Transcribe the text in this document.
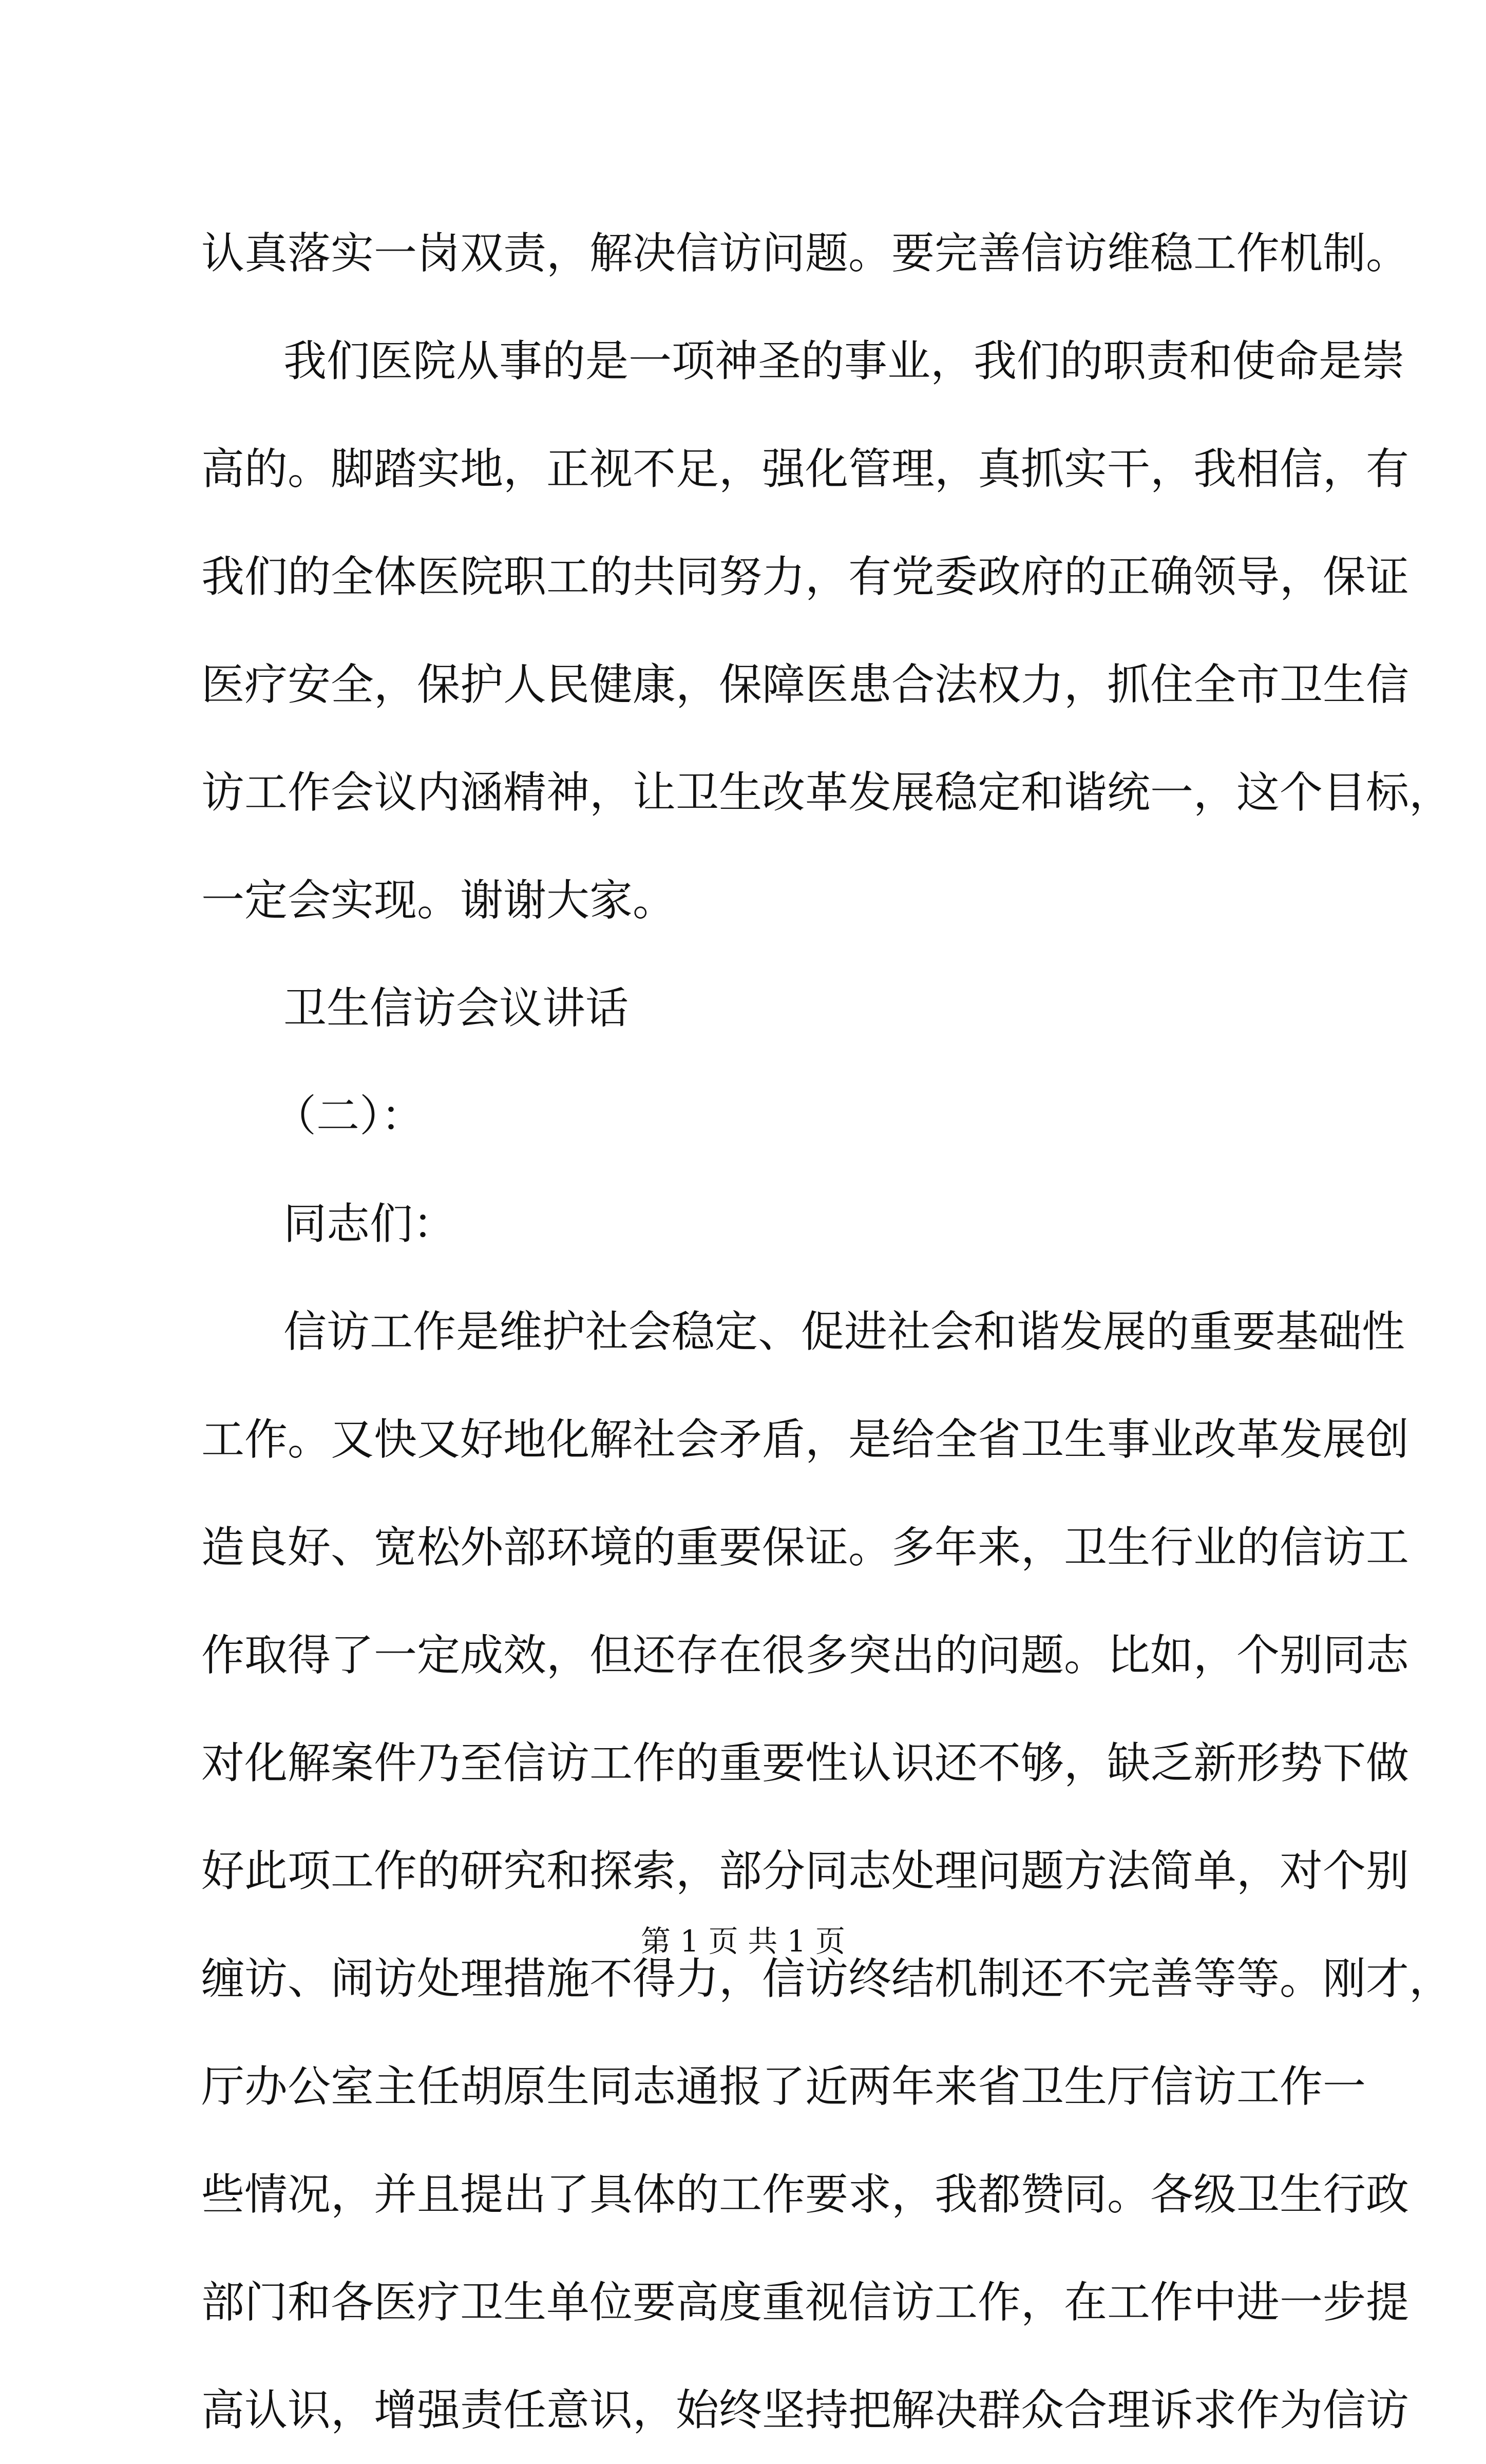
认真落实一岗双责，解决信访问题。要完善信访维稳工作机制。
我们医院从事的是一项神圣的事业，我们的职责和使命是崇
高的。脚踏实地，正视不足，强化管理，真抓实干，我相信，有
我们的全体医院职工的共同努力，有党委政府的正确领导，保证
医疗安全，保护人民健康，保障医患合法权力，抓住全市卫生信
访工作会议内涵精神，让卫生改革发展稳定和谐统一，这个目标，
一定会实现。谢谢大家。
卫生信访会议讲话
（二）：
同志们：
信访工作是维护社会稳定、促进社会和谐发展的重要基础性
工作。又快又好地化解社会矛盾，是给全省卫生事业改革发展创
造良好、宽松外部环境的重要保证。多年来，卫生行业的信访工
作取得了一定成效，但还存在很多突出的问题。比如，个别同志
对化解案件乃至信访工作的重要性认识还不够，缺乏新形势下做
好此项工作的研究和探索，部分同志处理问题方法简单，对个别
缠访、闹访处理措施不得力，信访终结机制还不完善等等。刚才，
厅办公室主任胡原生同志通报了近两年来省卫生厅信访工作一
些情况，并且提出了具体的工作要求，我都赞同。各级卫生行政
部门和各医疗卫生单位要高度重视信访工作，在工作中进一步提
高认识，增强责任意识，始终坚持把解决群众合理诉求作为信访
第 1 页 共 1 页
